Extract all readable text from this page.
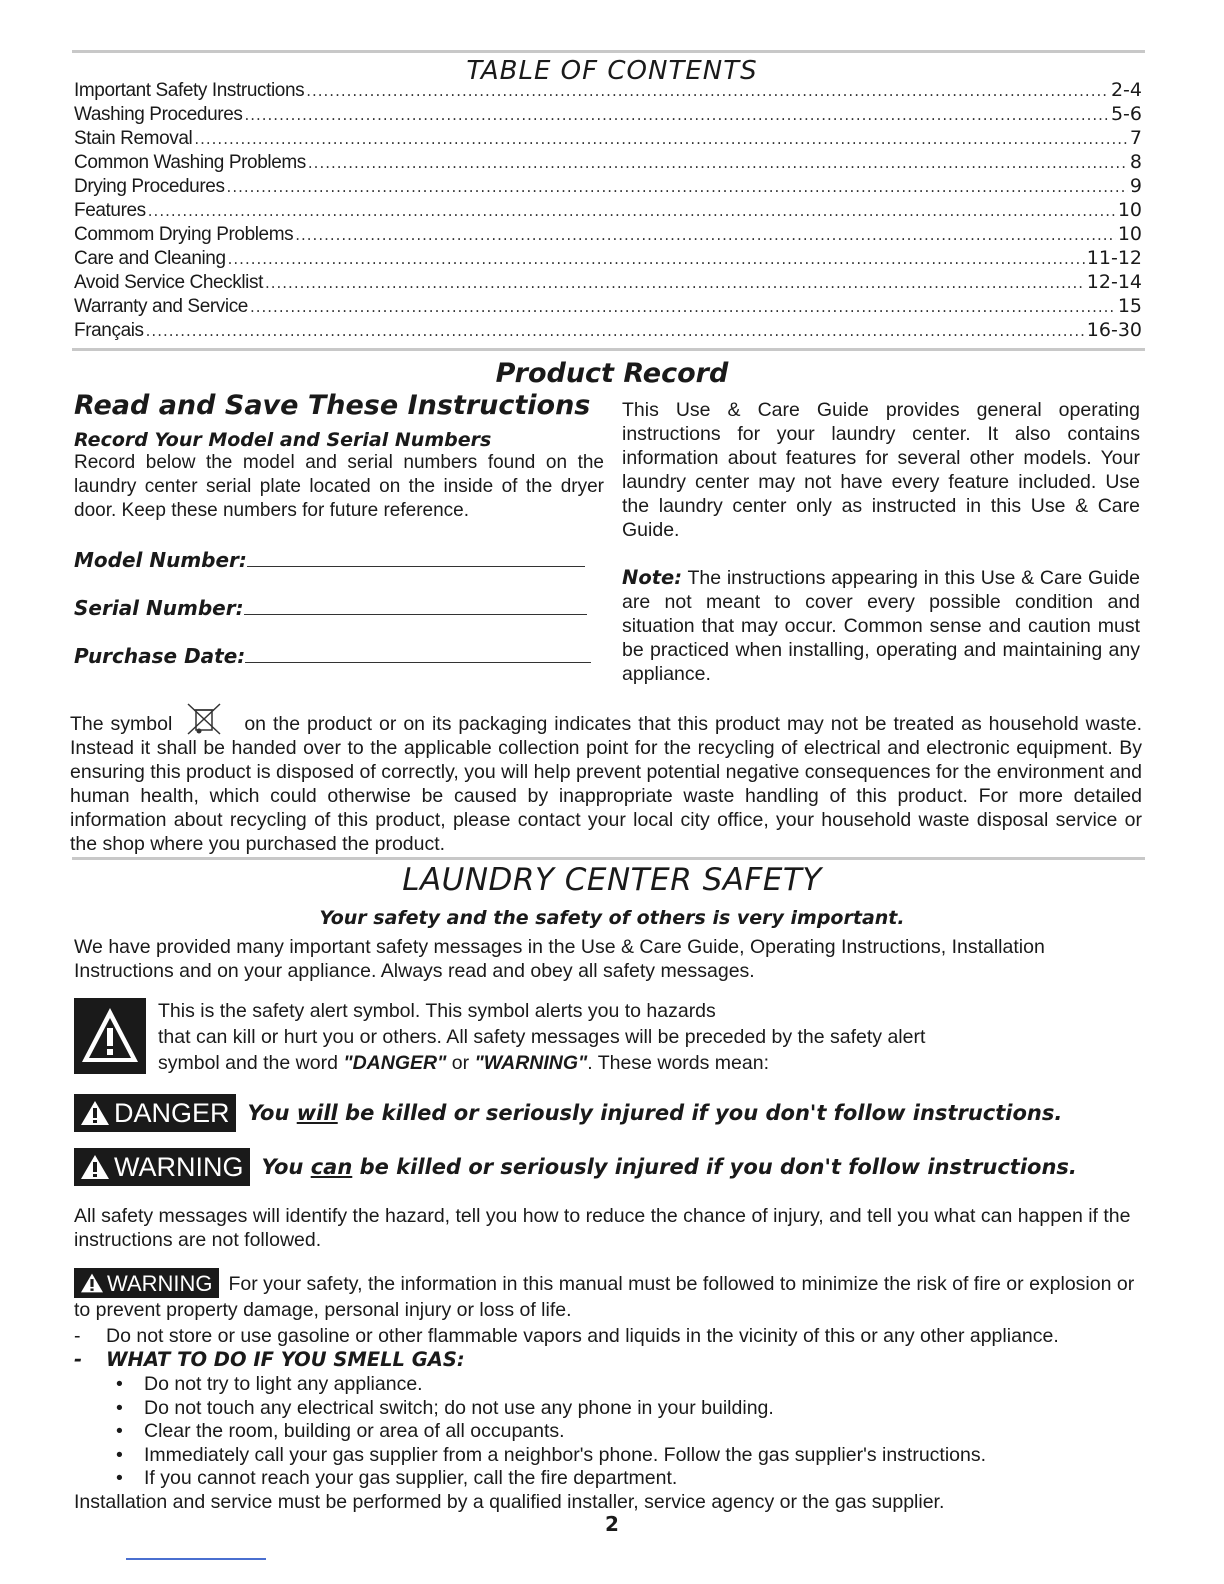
TABLE OF CONTENTS
Important Safety Instructions .....	2-4
Washing Procedures .....	5-6
Stain Removal .....	7
Common Washing Problems .....	8
Drying Procedures .....	9
Features .....	10
Commom Drying Problems .....	10
Care and Cleaning .....	11-12
Avoid Service Checklist .....	12-14
Warranty and Service .....	15
Français .....	16-30
Product Record
Read and Save These Instructions
Record Your Model and Serial Numbers
Record below the model and serial numbers found on the laundry center serial plate located on the inside of the dryer door. Keep these numbers for future reference.
Model Number:
Serial Number:
Purchase Date:
This Use & Care Guide provides general operating instructions for your laundry center. It also contains information about features for several other models. Your laundry center may not have every feature included. Use the laundry center only as instructed in this Use & Care Guide.
Note: The instructions appearing in this Use & Care Guide are not meant to cover every possible condition and situation that may occur. Common sense and caution must be practiced when installing, operating and maintaining any appliance.
The symbol	on the product or on its packaging indicates that this product may not be treated as household waste. Instead it shall be handed over to the applicable collection point for the recycling of electrical and electronic equipment. By ensuring this product is disposed of correctly, you will help prevent potential negative consequences for the environment and human health, which could otherwise be caused by inappropriate waste handling of this product. For more detailed information about recycling of this product, please contact your local city office, your household waste disposal service or the shop where you purchased the product.
LAUNDRY CENTER SAFETY
Your safety and the safety of others is very important.
We have provided many important safety messages in the Use & Care Guide, Operating Instructions, Installation Instructions and on your appliance. Always read and obey all safety messages.
This is the safety alert symbol. This symbol alerts you to hazards
that can kill or hurt you or others. All safety messages will be preceded by the safety alert
symbol and the word "DANGER" or "WARNING". These words mean:
DANGER You will be killed or seriously injured if you don't follow instructions.
WARNING You can be killed or seriously injured if you don't follow instructions.
All safety messages will identify the hazard, tell you how to reduce the chance of injury, and tell you what can happen if the instructions are not followed.
WARNING For your safety, the information in this manual must be followed to minimize the risk of fire or explosion or to prevent property damage, personal injury or loss of life.
- Do not store or use gasoline or other flammable vapors and liquids in the vicinity of this or any other appliance.
- WHAT TO DO IF YOU SMELL GAS:
• Do not try to light any appliance.
• Do not touch any electrical switch; do not use any phone in your building.
• Clear the room, building or area of all occupants.
• Immediately call your gas supplier from a neighbor's phone. Follow the gas supplier's instructions.
• If you cannot reach your gas supplier, call the fire department.
Installation and service must be performed by a qualified installer, service agency or the gas supplier.
2
